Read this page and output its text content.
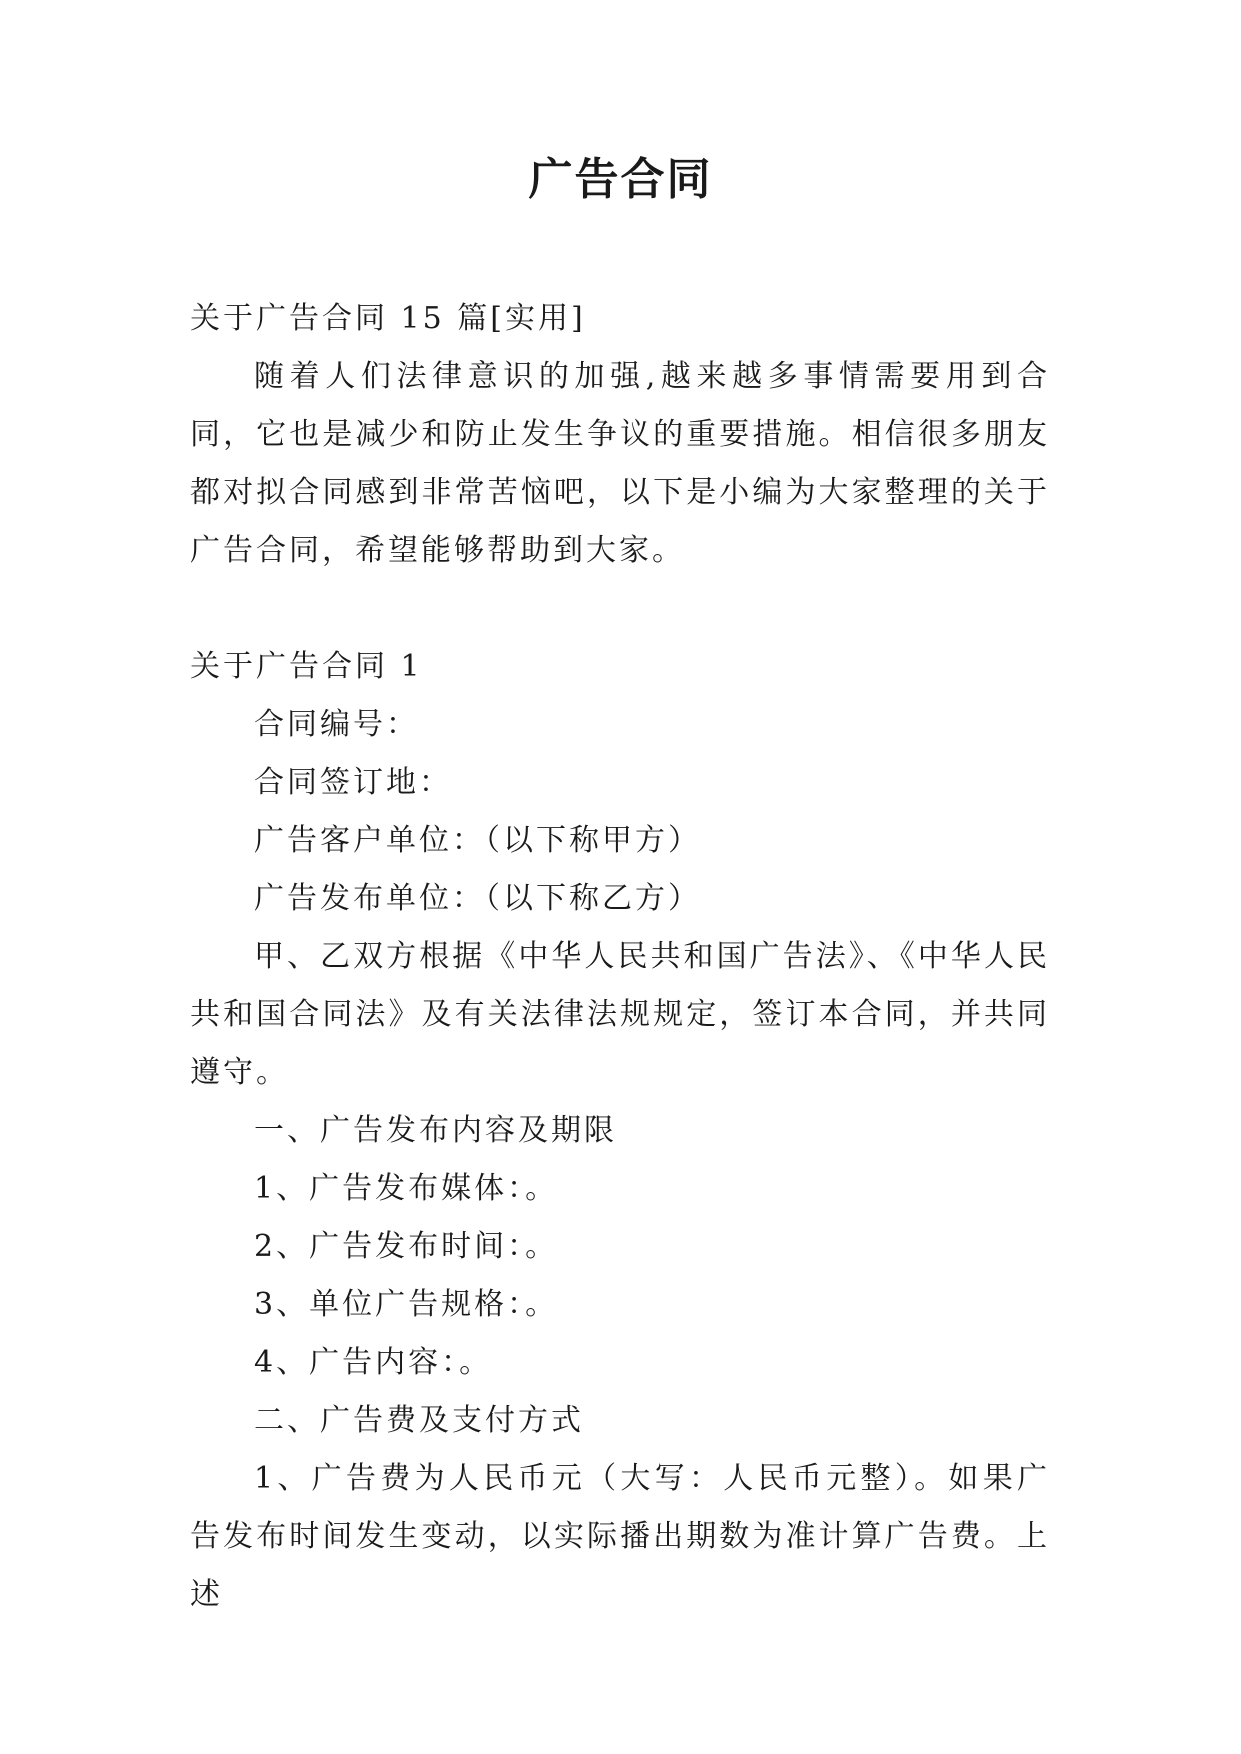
广告合同

关于广告合同 15 篇[实用]

随着人们法律意识的加强,越来越多事情需要用到合同，它也是减少和防止发生争议的重要措施。相信很多朋友都对拟合同感到非常苦恼吧，以下是小编为大家整理的关于广告合同，希望能够帮助到大家。

关于广告合同 1

合同编号：

合同签订地：

广告客户单位：（以下称甲方）

广告发布单位：（以下称乙方）

甲、乙双方根据《中华人民共和国广告法》、《中华人民共和国合同法》及有关法律法规规定，签订本合同，并共同遵守。

一、广告发布内容及期限

1、广告发布媒体：。

2、广告发布时间：。

3、单位广告规格：。

4、广告内容：。

二、广告费及支付方式

1、广告费为人民币元（大写：人民币元整）。如果广告发布时间发生变动，以实际播出期数为准计算广告费。上述
